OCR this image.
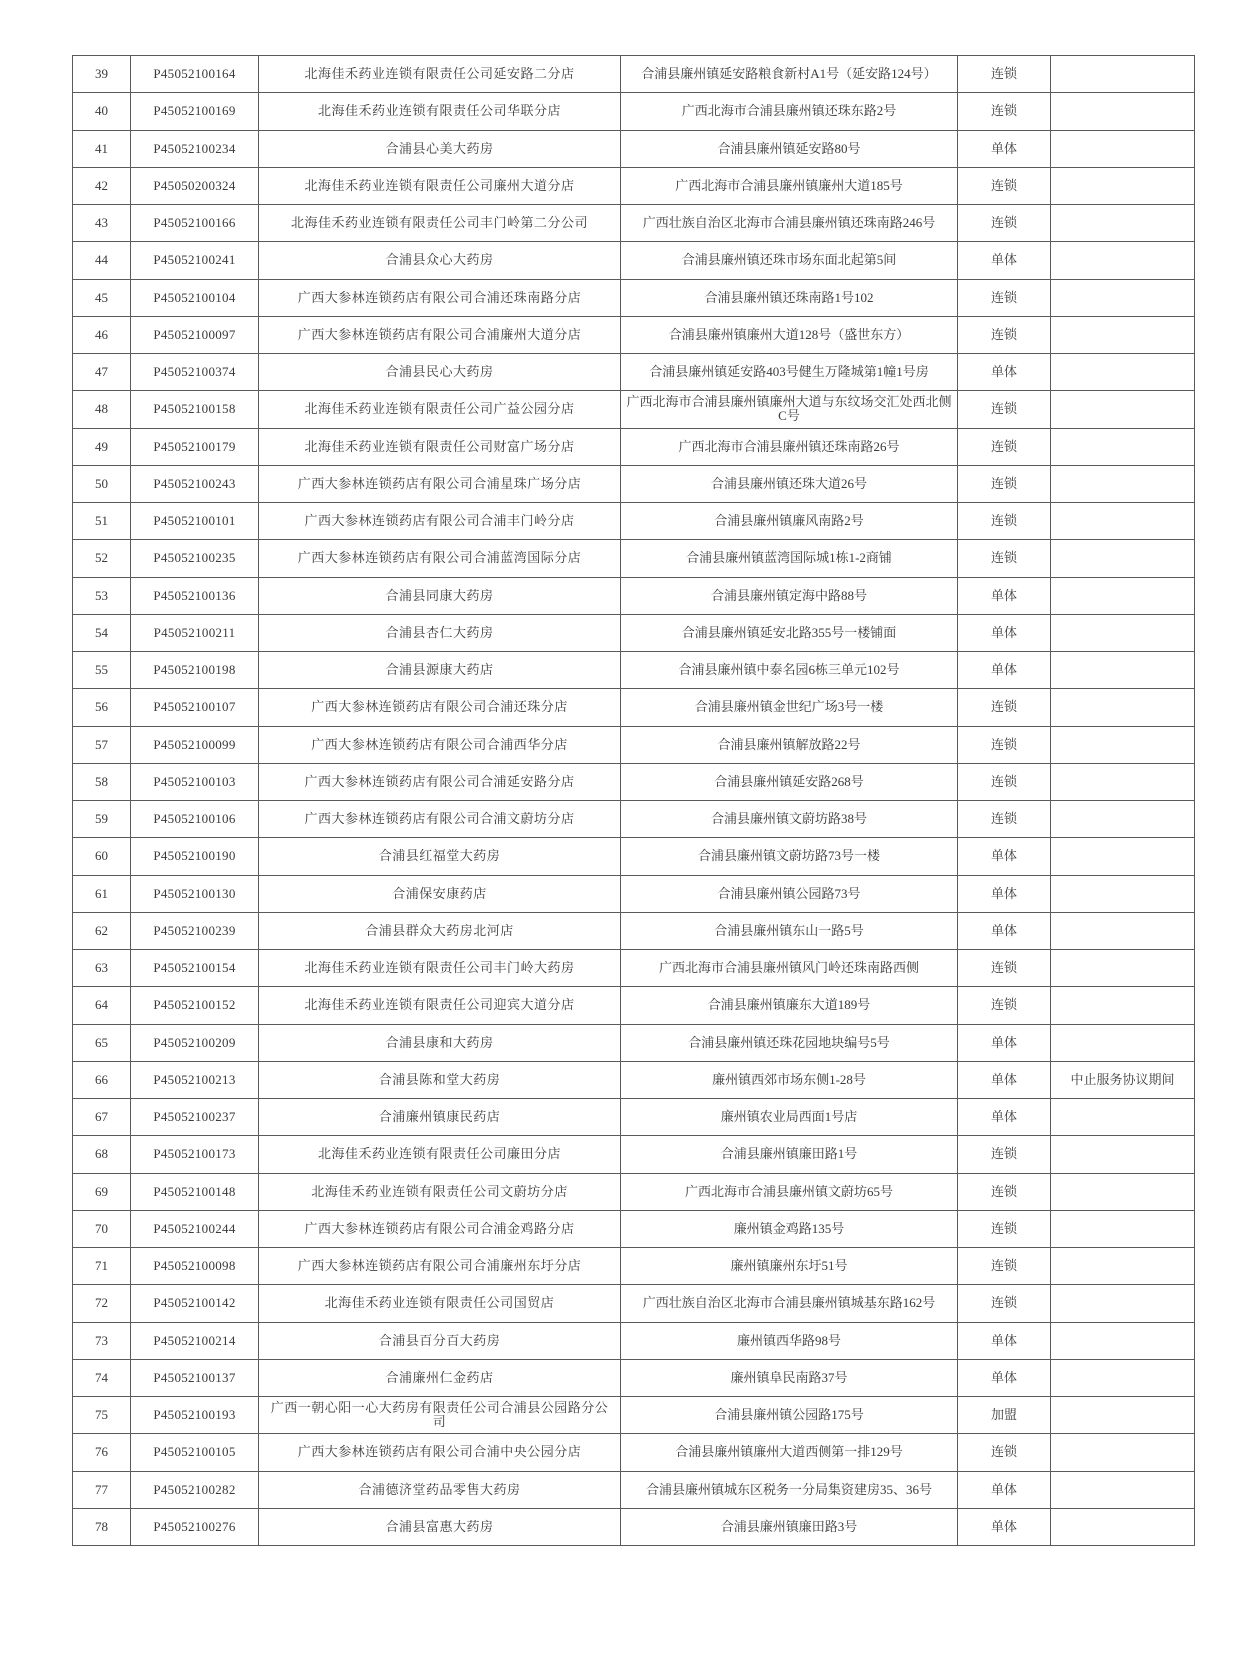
39	P45052100164	北海佳禾药业连锁有限责任公司延安路二分店	合浦县廉州镇延安路粮食新村A1号（延安路124号）	连锁	
40	P45052100169	北海佳禾药业连锁有限责任公司华联分店	广西北海市合浦县廉州镇还珠东路2号	连锁	
41	P45052100234	合浦县心美大药房	合浦县廉州镇延安路80号	单体	
42	P45050200324	北海佳禾药业连锁有限责任公司廉州大道分店	广西北海市合浦县廉州镇廉州大道185号	连锁	
43	P45052100166	北海佳禾药业连锁有限责任公司丰门岭第二分公司	广西壮族自治区北海市合浦县廉州镇还珠南路246号	连锁	
44	P45052100241	合浦县众心大药房	合浦县廉州镇还珠市场东面北起第5间	单体	
45	P45052100104	广西大参林连锁药店有限公司合浦还珠南路分店	合浦县廉州镇还珠南路1号102	连锁	
46	P45052100097	广西大参林连锁药店有限公司合浦廉州大道分店	合浦县廉州镇廉州大道128号（盛世东方）	连锁	
47	P45052100374	合浦县民心大药房	合浦县廉州镇延安路403号健生万隆城第1幢1号房	单体	
48	P45052100158	北海佳禾药业连锁有限责任公司广益公园分店	广西北海市合浦县廉州镇廉州大道与东纹场交汇处西北侧C号	连锁	
49	P45052100179	北海佳禾药业连锁有限责任公司财富广场分店	广西北海市合浦县廉州镇还珠南路26号	连锁	
50	P45052100243	广西大参林连锁药店有限公司合浦星珠广场分店	合浦县廉州镇还珠大道26号	连锁	
51	P45052100101	广西大参林连锁药店有限公司合浦丰门岭分店	合浦县廉州镇廉风南路2号	连锁	
52	P45052100235	广西大参林连锁药店有限公司合浦蓝湾国际分店	合浦县廉州镇蓝湾国际城1栋1-2商铺	连锁	
53	P45052100136	合浦县同康大药房	合浦县廉州镇定海中路88号	单体	
54	P45052100211	合浦县杏仁大药房	合浦县廉州镇延安北路355号一楼铺面	单体	
55	P45052100198	合浦县源康大药店	合浦县廉州镇中泰名园6栋三单元102号	单体	
56	P45052100107	广西大参林连锁药店有限公司合浦还珠分店	合浦县廉州镇金世纪广场3号一楼	连锁	
57	P45052100099	广西大参林连锁药店有限公司合浦西华分店	合浦县廉州镇解放路22号	连锁	
58	P45052100103	广西大参林连锁药店有限公司合浦延安路分店	合浦县廉州镇延安路268号	连锁	
59	P45052100106	广西大参林连锁药店有限公司合浦文蔚坊分店	合浦县廉州镇文蔚坊路38号	连锁	
60	P45052100190	合浦县红福堂大药房	合浦县廉州镇文蔚坊路73号一楼	单体	
61	P45052100130	合浦保安康药店	合浦县廉州镇公园路73号	单体	
62	P45052100239	合浦县群众大药房北河店	合浦县廉州镇东山一路5号	单体	
63	P45052100154	北海佳禾药业连锁有限责任公司丰门岭大药房	广西北海市合浦县廉州镇风门岭还珠南路西侧	连锁	
64	P45052100152	北海佳禾药业连锁有限责任公司迎宾大道分店	合浦县廉州镇廉东大道189号	连锁	
65	P45052100209	合浦县康和大药房	合浦县廉州镇还珠花园地块编号5号	单体	
66	P45052100213	合浦县陈和堂大药房	廉州镇西郊市场东侧1-28号	单体	中止服务协议期间
67	P45052100237	合浦廉州镇康民药店	廉州镇农业局西面1号店	单体	
68	P45052100173	北海佳禾药业连锁有限责任公司廉田分店	合浦县廉州镇廉田路1号	连锁	
69	P45052100148	北海佳禾药业连锁有限责任公司文蔚坊分店	广西北海市合浦县廉州镇文蔚坊65号	连锁	
70	P45052100244	广西大参林连锁药店有限公司合浦金鸡路分店	廉州镇金鸡路135号	连锁	
71	P45052100098	广西大参林连锁药店有限公司合浦廉州东圩分店	廉州镇廉州东圩51号	连锁	
72	P45052100142	北海佳禾药业连锁有限责任公司国贸店	广西壮族自治区北海市合浦县廉州镇城基东路162号	连锁	
73	P45052100214	合浦县百分百大药房	廉州镇西华路98号	单体	
74	P45052100137	合浦廉州仁金药店	廉州镇阜民南路37号	单体	
75	P45052100193	广西一朝心阳一心大药房有限责任公司合浦县公园路分公司	合浦县廉州镇公园路175号	加盟	
76	P45052100105	广西大参林连锁药店有限公司合浦中央公园分店	合浦县廉州镇廉州大道西侧第一排129号	连锁	
77	P45052100282	合浦德济堂药品零售大药房	合浦县廉州镇城东区税务一分局集资建房35、36号	单体	
78	P45052100276	合浦县富惠大药房	合浦县廉州镇廉田路3号	单体	
